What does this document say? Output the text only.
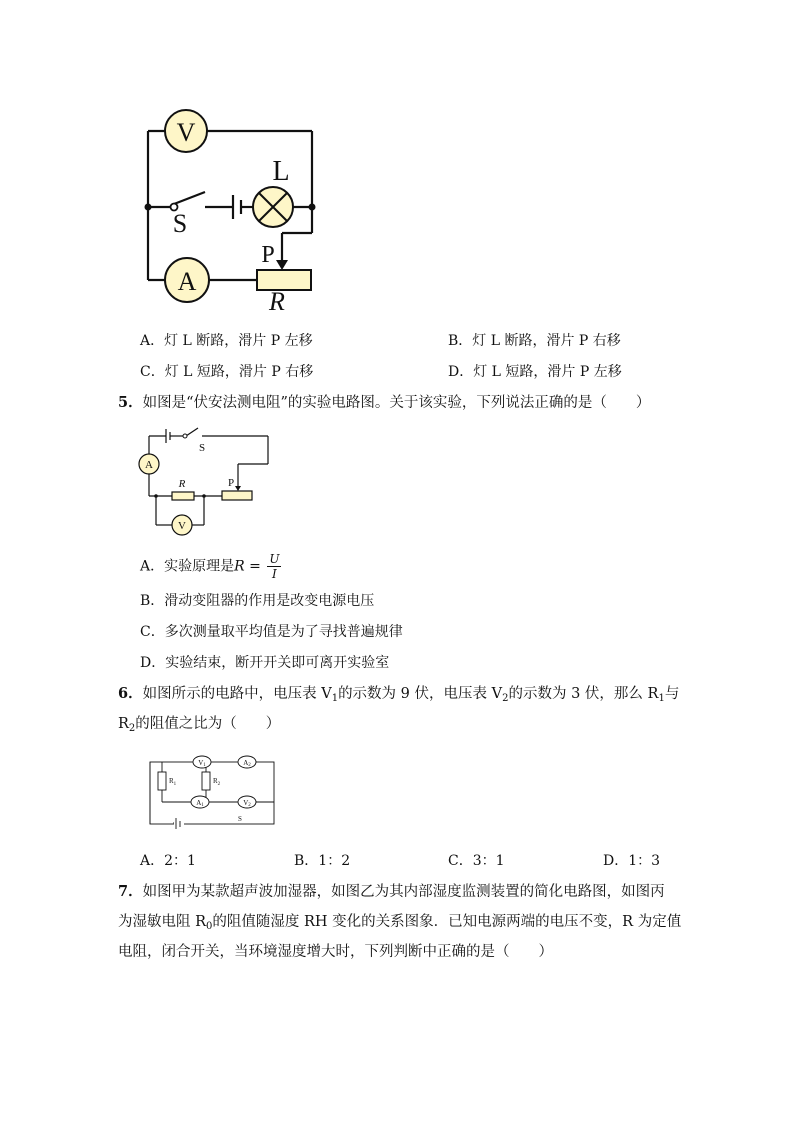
V
L
S
A
P
R
A．灯 L 断路，滑片 P 左移	B．灯 L 断路，滑片 P 右移
C．灯 L 短路，滑片 P 右移	D．灯 L 短路，滑片 P 左移
5．如图是“伏安法测电阻”的实验电路图。关于该实验，下列说法正确的是（　　）
S
A
R	P
V
A．实验原理是$R = \frac{U}{I}$
B．滑动变阻器的作用是改变电源电压
C．多次测量取平均值是为了寻找普遍规律
D．实验结束，断开开关即可离开实验室
6．如图所示的电路中，电压表 $V_1$的示数为 9 伏，电压表 $V_2$的示数为 3 伏，那么 $R_1$与
$R_2$的阻值之比为（　　）
$R_1$	$R_2$
V1	A2
A1	V2
S
A．2：1	B．1：2	C．3：1	D．1：3
7．如图甲为某款超声波加湿器，如图乙为其内部湿度监测装置的简化电路图，如图丙
为湿敏电阻 $R_0$的阻值随湿度 RH 变化的关系图象．已知电源两端的电压不变，R 为定值
电阻，闭合开关，当环境湿度增大时，下列判断中正确的是（　　）
